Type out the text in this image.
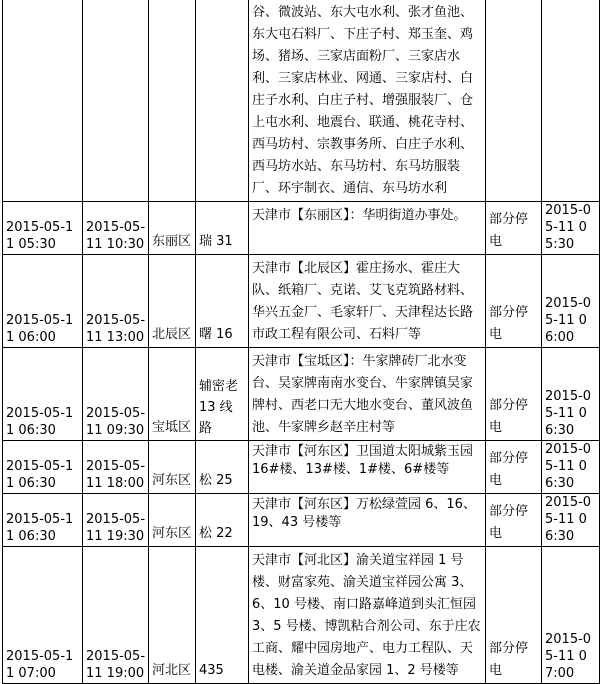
				谷、微波站、东大屯水利、张才鱼池、东大屯石料厂、下庄子村、郑玉奎、鸡场、猪场、三家店面粉厂、三家店水利、三家店林业、网通、三家店村、白庄子水利、白庄子村、增强服装厂、仓上屯水利、地震台、联通、桃花寺村、西马坊村、宗教事务所、白庄子水利、西马坊水站、东马坊村、东马坊服装厂、环宇制衣、通信、东马坊水利		
2015-05-11 05:30	2015-05-11 10:30	东丽区	瑞 31	天津市【东丽区】：华明街道办事处。	部分停电	2015-05-11 05:30
2015-05-11 06:00	2015-05-11 13:00	北辰区	曙 16	天津市【北辰区】霍庄扬水、霍庄大队、纸箱厂、克诺、艾飞克筑路材料、华兴五金厂、毛家轩厂、天津程达长路市政工程有限公司、石料厂等	部分停电	2015-05-11 06:00
2015-05-11 06:30	2015-05-11 09:30	宝坻区	辅密老 13 线路	天津市【宝坻区】：牛家牌砖厂北水变台、吴家牌南南水变台、牛家牌镇吴家牌村、西老口无大地水变台、董风波鱼池、牛家牌乡赵辛庄村等	部分停电	2015-05-11 06:30
2015-05-11 06:30	2015-05-11 18:00	河东区	松 25	天津市【河东区】卫国道太阳城紫玉园 16#楼、13#楼、1#楼、6#楼等	部分停电	2015-05-11 06:30
2015-05-11 06:30	2015-05-11 19:30	河东区	松 22	天津市【河东区】万松绿萱园 6、16、19、43 号楼等	部分停电	2015-05-11 06:30
2015-05-11 07:00	2015-05-11 19:00	河北区	435	天津市【河北区】渝关道宝祥园 1 号楼、财富家苑、渝关道宝祥园公寓 3、6、10 号楼、南口路嘉峰道到头汇恒园 3、5 号楼、博凯粘合剂公司、东于庄农工商、耀中园房地产、电力工程队、天电楼、渝关道金品家园 1、2 号楼等	部分停电	2015-05-11 07:00
